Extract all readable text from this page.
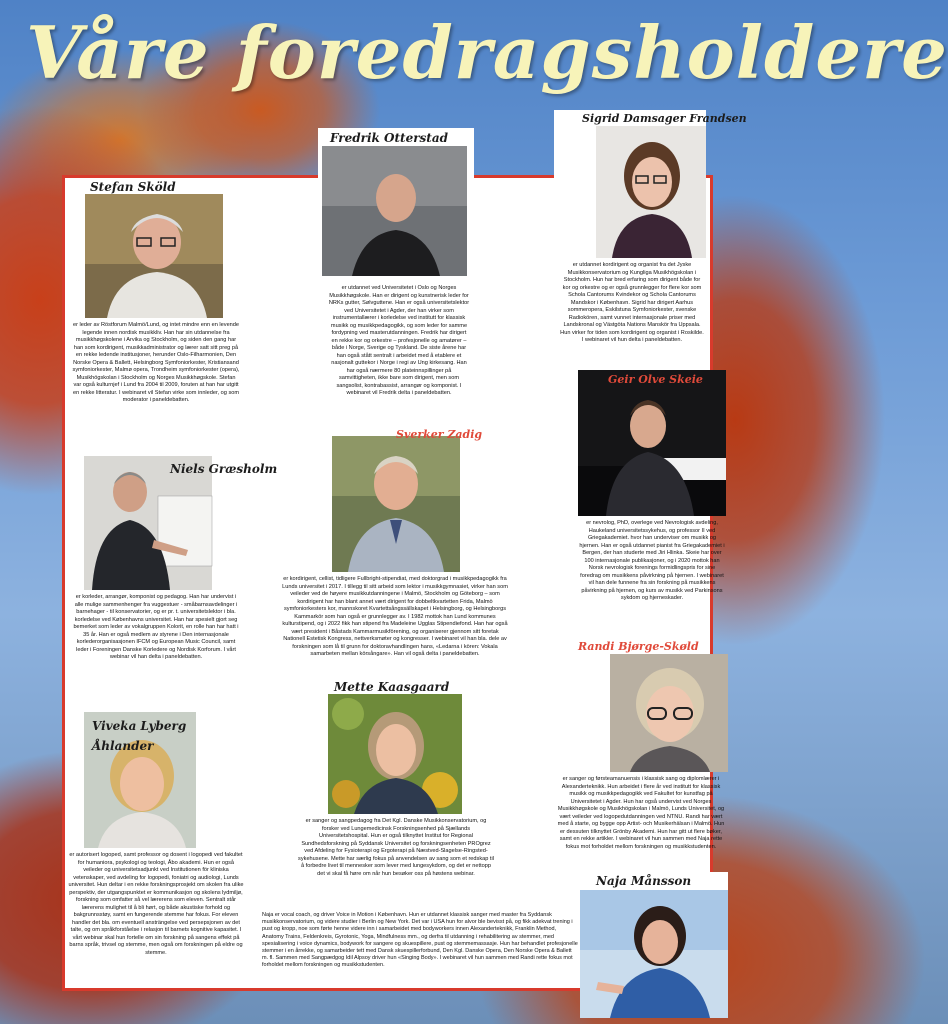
Våre foredragsholdere
Fredrik Otterstad
er utdannet ved Universitetet i Oslo og Norges Musikkhøgskole. Han er dirigent og kunstnerisk leder for NRKs gutter, Sølvguttene. Han er også universitetslektor ved Universitetet i Agder, der han virker som instrumentallærer i korledelse ved institutt for klassisk musikk og musikkpedagogikk, og som leder for samme fordypning ved masterutdanningen. Fredrik har dirigert en rekke kor og orkestre – profesjonelle og amatører – både i Norge, Sverige og Tyskland. De siste årene har han også stått sentralt i arbeidet med å etablere et nasjonalt guttekor i Norge i regi av Ung kirkesang. Han har også nærmere 80 plateinnspillinger på samvittigheten, ikke bare som dirigent, men som sangsolist, kontrabassist, arrangør og komponist. I webinaret vil Fredrik delta i paneldebatten.
Sigrid Damsager Frandsen
er utdannet kordirigent og organist fra det Jyske Musikkonservatorium og Kungliga Musikhögskolan i Stockholm. Hun har bred erfaring som dirigent både for kor og orkestre og er også grunnlegger for flere kor som Schola Cantorums Kvindekor og Schola Cantorums Mandskor i København. Sigrid har dirigert Aarhus sommeropera, Eskilstuna Symfoniorkester, svenske Radiokören, samt vunnet internasjonale priser med Landskronal og Västgöta Nations Manskör fra Uppsala. Hun virker for tiden som kordirigent og organist i Roskilde. I webinaret vil hun delta i paneldebatten.
Stefan Sköld
er leder av Röstforum Malmö/Lund, og intet mindre enn en levende legende innen nordisk musikkliv. Han har sin utdannelse fra musikkhøgskolene i Arvika og Stockholm, og siden den gang har han som kordirigent, musikkadministrator og lærer satt sitt preg på en rekke ledende institusjoner, herunder Oslo-Filharmonien, Den Norske Opera & Ballett, Helsingborg Symfoniorkester, Kristiansand symfoniorkester, Malmø opera, Trondheim symfoniorkester (opera), Musikhögskolan i Stockholm og Norges Musikkhøgskole. Stefan var også kulturnjef i Lund fra 2004 til 2009, foruten at han har utgitt en rekke litteratur. I webinaret vil Stefan virke som innleder, og som moderator i paneldebatten.
Geir Olve Skeie
er nevrolog, PhD, overlege ved Nevrologisk avdeling, Haukeland universitetssykehus, og professor II ved Griegakademiet. hvor han underviser om musikk og hjernen. Han er også utdannet pianist fra Griegakademiet i Bergen, der han studerte med Jiri Hlinka. Skeie har over 100 internasjonale publikasjoner, og i 2020 mottok han Norsk nevrologisk forenings formidlingspris for sine foredrag om musikkens påvirkning på hjernen. I webinaret vil han dele funnene fra sin forskning på musikkens påvirkning på hjernen, og kurs av musikk ved Parkinsons sykdom og hjerneskader.
Niels Græsholm
er korleder, arrangør, komponist og pedagog. Han har undervist i alle mulige sammenhenger fra vuggestuer - småbarnsavdelinger i barnehager - til konservatorier, og er pr. t. universitetslektor i bla. korledelse ved Københavns universitet. Han har spesielt gjort seg bemerket som leder av vokalgruppen Kolorit, en rolle han har hatt i 35 år. Han er også medlem av styrene i Den internasjonale korlederorganisasjonen IFCM og European Music Council, samt leder i Foreningen Danske Korledere og Nordisk Korforum. I vårt webinar vil han delta i paneldebatten.
Sverker Zadig
er kordirigent, cellist, tidligere Fullbright-stipendiat, med doktorgrad i musikkpedagogikk fra Lunds universitet i 2017. I tillegg til sitt arbeid som lektor i musikkgymnasiet, virker han som veileder ved de høyere musikkutdanningene i Malmö, Stockholm og Göteborg – som kordirigent har han blant annet vært dirigent for dobbeltkvartetten Frida, Malmö symfoniorkesters kor, mannskoret Kvartettsångssällskapet i Helsingborg, og Helsingborgs Kammarkör som han også er grunnlegger av. I 1982 mottok han Lund kommunes kulturstipend, og i 2022 fikk han stipend fra Madeleine Ugglas Stipendiefond. Han har også vært president i Båstads Kammarmusikförening, og organiserer gjennom sitt foretak Nationell Estetisk Kongress, nettverksmøter og kongresser. I webinaret vil han bla. dele av forskningen som lå til grunn for doktoravhandlingen hans, «Ledarna i kören: Vokala samarbeten mellan körsångare». Han vil også delta i paneldebatten.
Randi Bjørge-Skøld
er sanger og førsteamanuensis i klassisk sang og diplomlærer i Alexanderteknikk. Hun arbeidet i flere år ved institutt for klassisk musikk og musikkpedagogikk ved Fakultet for kunstfag på Universitetet i Agder. Hun har også undervist ved Norges Musikkhøgskole og Musikhögskolan i Malmö, Lunds Universitet, og vært veileder ved logopedutdanningen ved NTNU. Randi har vært med å starte, og bygge opp Artist- och Musikerhälsan i Malmö. Hun er dessuten tilknyttet Grönby Akademi. Hun har gitt ut flere bøker, samt en rekke artikler. I webinaret vil hun sammen med Naja rette fokus mot forholdet mellom forskningen og musikkstudenten.
Mette Kaasgaard
er sanger og sangpedagog fra Det Kgl. Danske Musikkonservatorium, og forsker ved Lungemedicinsk Forskningsenhed på Sjællands Universitetshospital. Hun er også tilknyttet Institut for Regional Sundhedsforskning på Syddansk Universitet og forskningsenheten PROgrez ved Afdeling for Fysioterapi og Ergoterapi på Næstved-Slagelse-Ringsted-sykehusene. Mette har særlig fokus på anvendelsen av sang som et redskap til å forbedre livet til mennesker som lever med lungesykdom, og det er nettopp det vi skal få høre om når hun besøker oss på høstens webinar.
Viveka Lyberg Åhlander
er autorisert logoped, samt professor og dosent i logopedi ved fakultet for humaniora, psykologi og teologi, Åbo akademi. Hun er også veileder og universitetsadjunkt ved Institutionen för kliniska vetenskaper, ved avdeling for logopedi, foniatri og audiologi, Lunds universitet. Hun deltar i en rekke forskningsprosjekt om skolen fra ulike perspektiv, der utgangspunktet er kommunikasjon og skolens lydmiljø, forskning som omfatter så vel lærerens som eleven. Sentralt står lærerens mulighet til å bli hørt, og både akustiske forhold og bakgrunnsstøy, samt en fungerende stemme har fokus. For eleven handler det bla. om eventuell ansträngelse ved persepsjonen av det talte, og om språkforståelse i relasjon til barnets kognitive kapasitet. I vårt webinar skal hun fortelle om sin forskning på sangens effekt på barns språk, trivsel og stemme, men også om forskningen på eldre og stemme.
Naja Månsson
Naja er vocal coach, og driver Voice in Motion i København. Hun er utdannet klassisk sanger med master fra Syddansk musikkonservatorium, og videre studier i Berlin og New York. Det var i USA hun for alvor ble bevisst på, og fikk adekvat trening i pust og kropp, noe som førte henne videre inn i samarbeidet med bodyworkers innen Alexanderteknikk, Franklin Method, Anatomy Trains, Feldenkreis, Gyrotonic, Yoga, Mindfulness mm., og derfra til utdanning i rehabilitering av stemmer, med spesialisering i voice dynamics, bodywork for sangere og skuespillere, pust og stemmemassasje. Hun har behandlet profesjonelle stemmer i en årrekke, og samarbeider tett med Dansk skuespillerforbund, Den Kgl. Danske Opera, Den Norske Opera & Ballett m. fl. Sammen med Sangpædgog Idil Alpsoy driver hun «Singing Body». I webinaret vil hun sammen med Randi rette fokus mot forholdet mellom forskningen og musikkstudenten.
